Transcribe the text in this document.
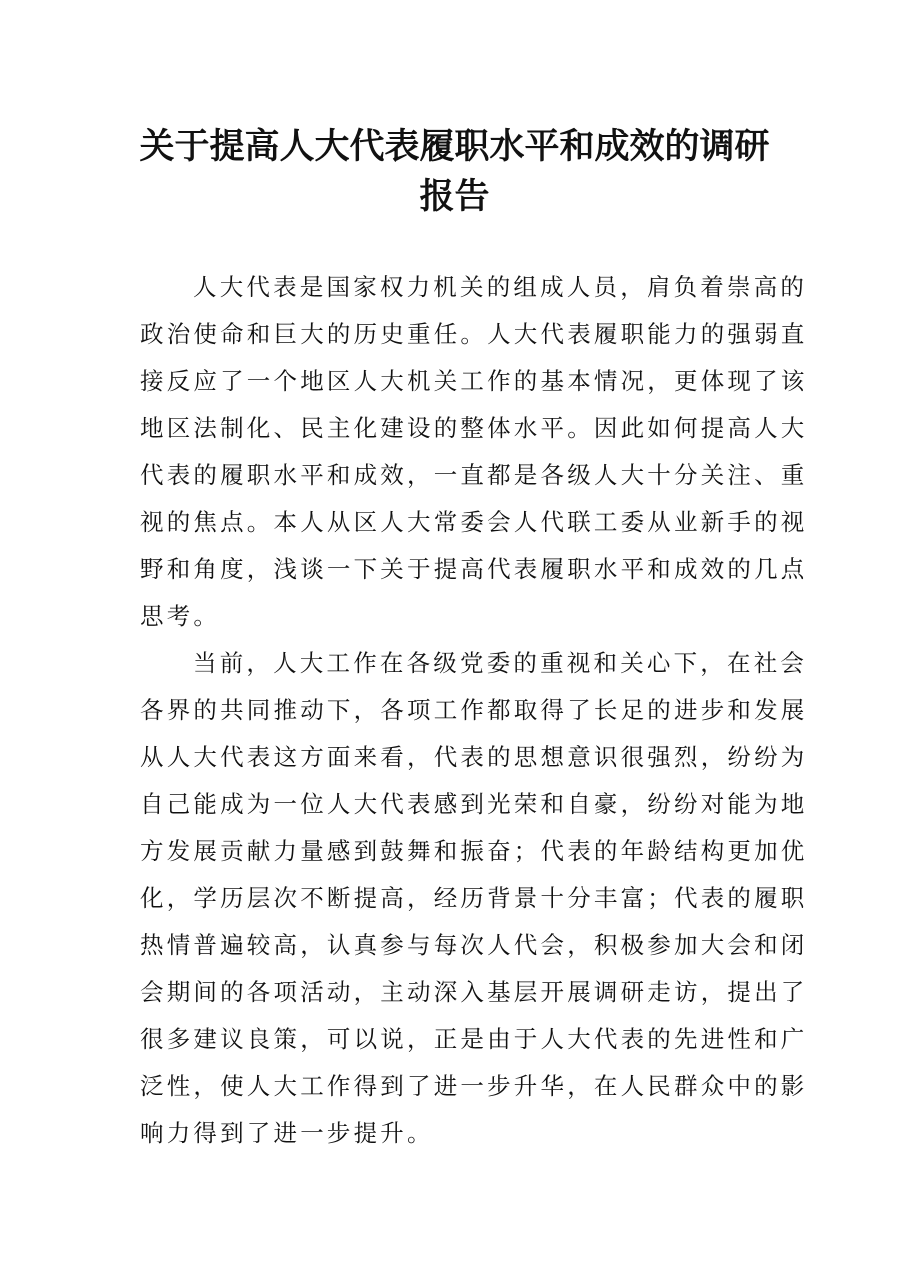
关于提高人大代表履职水平和成效的调研
报告
人大代表是国家权力机关的组成人员，肩负着崇高的
政治使命和巨大的历史重任。人大代表履职能力的强弱直
接反应了一个地区人大机关工作的基本情况，更体现了该
地区法制化、民主化建设的整体水平。因此如何提高人大
代表的履职水平和成效，一直都是各级人大十分关注、重
视的焦点。本人从区人大常委会人代联工委从业新手的视
野和角度，浅谈一下关于提高代表履职水平和成效的几点
思考。
当前，人大工作在各级党委的重视和关心下，在社会
各界的共同推动下，各项工作都取得了长足的进步和发展
从人大代表这方面来看，代表的思想意识很强烈，纷纷为
自己能成为一位人大代表感到光荣和自豪，纷纷对能为地
方发展贡献力量感到鼓舞和振奋；代表的年龄结构更加优
化，学历层次不断提高，经历背景十分丰富；代表的履职
热情普遍较高，认真参与每次人代会，积极参加大会和闭
会期间的各项活动，主动深入基层开展调研走访，提出了
很多建议良策，可以说，正是由于人大代表的先进性和广
泛性，使人大工作得到了进一步升华，在人民群众中的影
响力得到了进一步提升。
